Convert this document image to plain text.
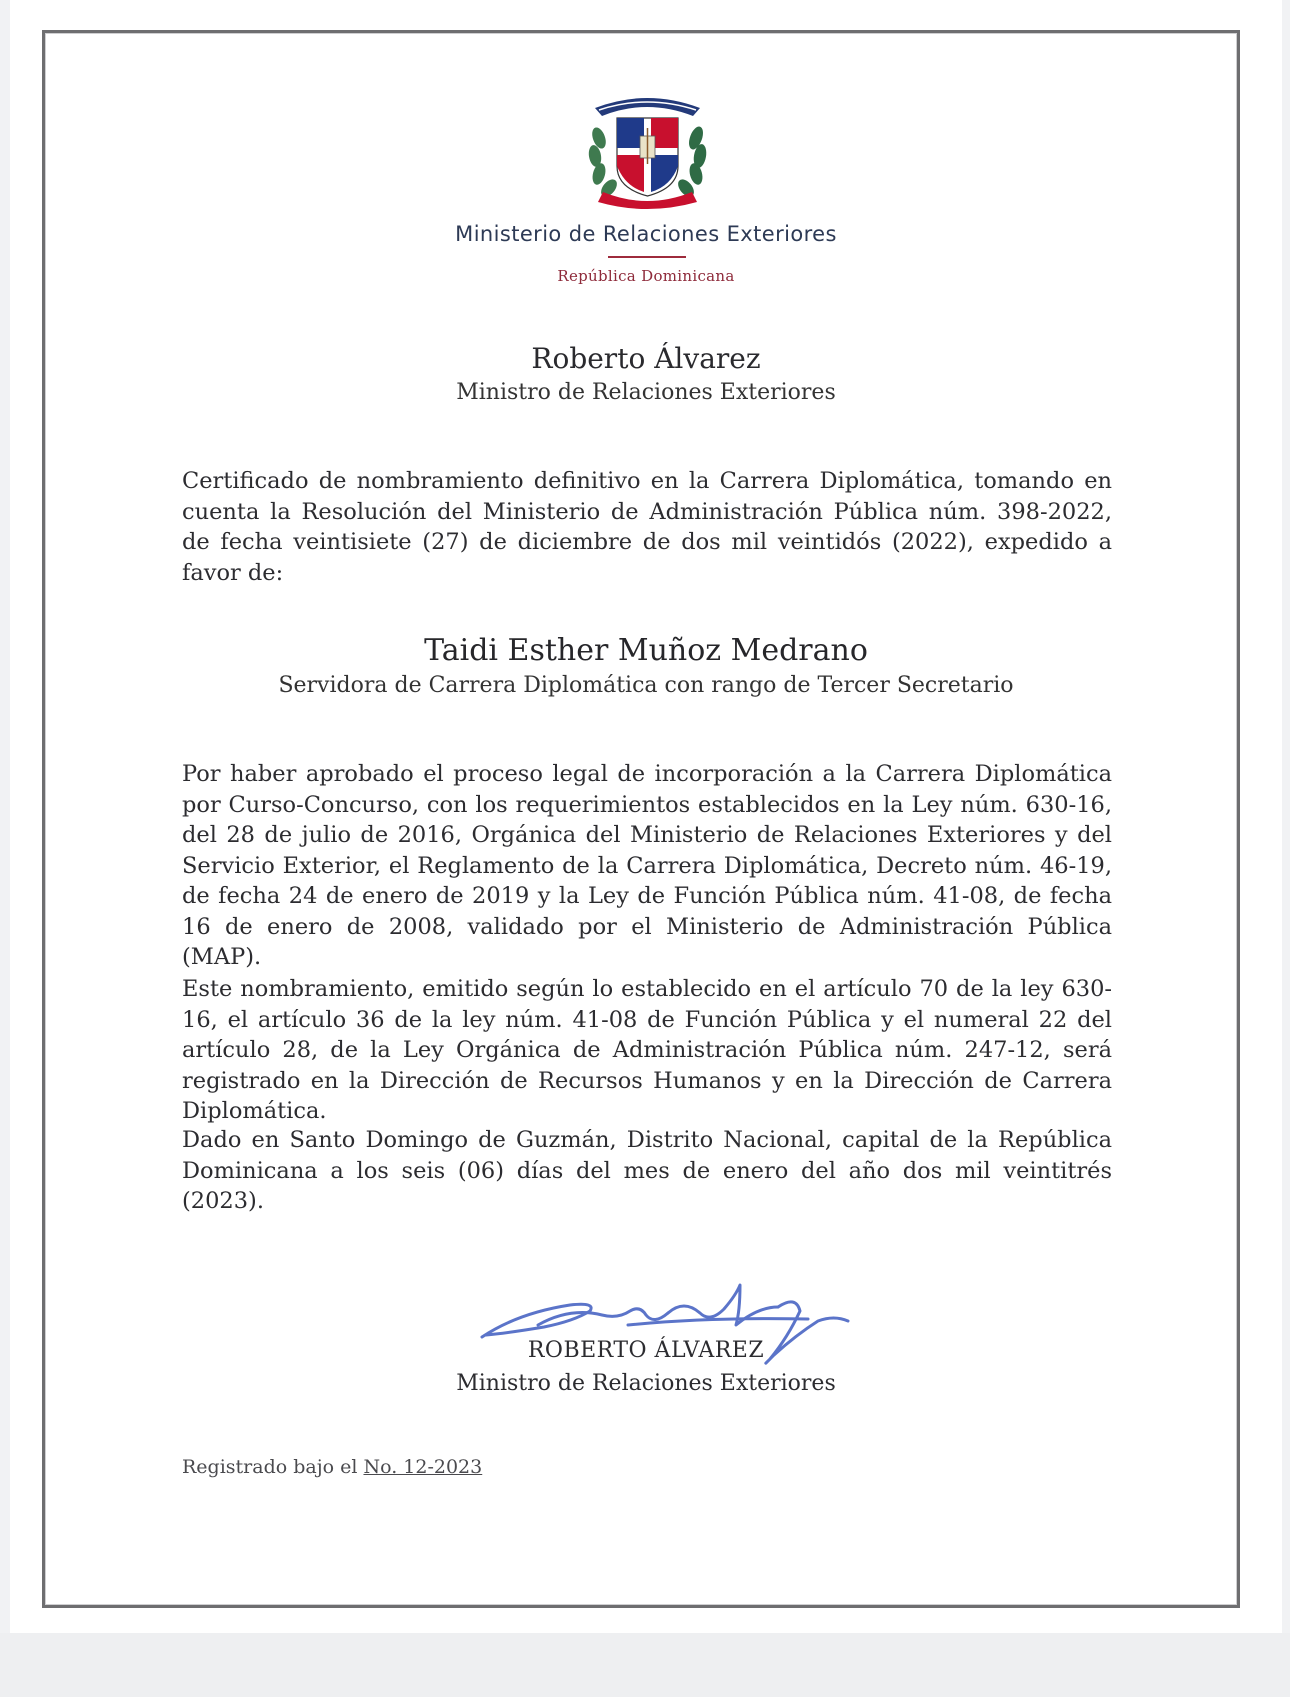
Ministerio de Relaciones Exteriores
República Dominicana
Roberto Álvarez
Ministro de Relaciones Exteriores

Certificado de nombramiento definitivo en la Carrera Diplomática, tomando en cuenta la Resolución del Ministerio de Administración Pública núm. 398-2022, de fecha veintisiete (27) de diciembre de dos mil veintidós (2022), expedido a favor de:

Taidi Esther Muñoz Medrano
Servidora de Carrera Diplomática con rango de Tercer Secretario

Por haber aprobado el proceso legal de incorporación a la Carrera Diplomática por Curso-Concurso, con los requerimientos establecidos en la Ley núm. 630-16, del 28 de julio de 2016, Orgánica del Ministerio de Relaciones Exteriores y del Servicio Exterior, el Reglamento de la Carrera Diplomática, Decreto núm. 46-19, de fecha 24 de enero de 2019 y la Ley de Función Pública núm. 41-08, de fecha 16 de enero de 2008, validado por el Ministerio de Administración Pública (MAP).

Este nombramiento, emitido según lo establecido en el artículo 70 de la ley 630-16, el artículo 36 de la ley núm. 41-08 de Función Pública y el numeral 22 del artículo 28, de la Ley Orgánica de Administración Pública núm. 247-12, será registrado en la Dirección de Recursos Humanos y en la Dirección de Carrera Diplomática.

Dado en Santo Domingo de Guzmán, Distrito Nacional, capital de la República Dominicana a los seis (06) días del mes de enero del año dos mil veintitrés (2023).

ROBERTO ÁLVAREZ
Ministro de Relaciones Exteriores
Registrado bajo el No. 12-2023
